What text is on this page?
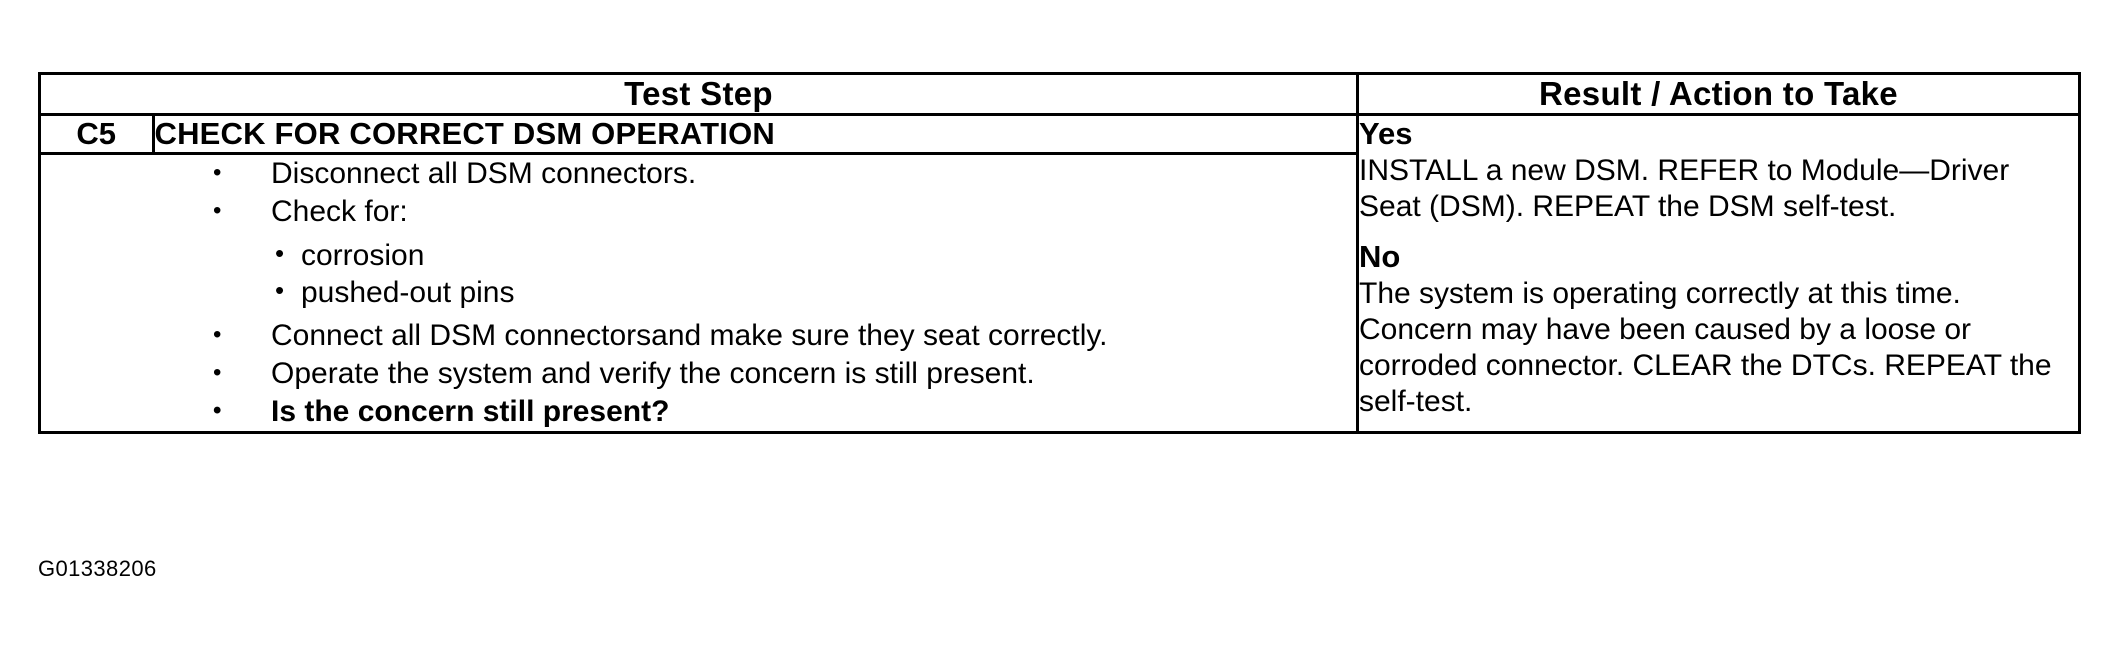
Test Step	Result / Action to Take

C5	CHECK FOR CORRECT DSM OPERATION

• Disconnect all DSM connectors.
• Check for:
• corrosion
• pushed-out pins
• Connect all DSM connectorsand make sure they seat correctly.
• Operate the system and verify the concern is still present.
• Is the concern still present?

Yes
INSTALL a new DSM. REFER to Module—Driver Seat (DSM). REPEAT the DSM self-test.
No
The system is operating correctly at this time. Concern may have been caused by a loose or corroded connector. CLEAR the DTCs. REPEAT the self-test.
G01338206
